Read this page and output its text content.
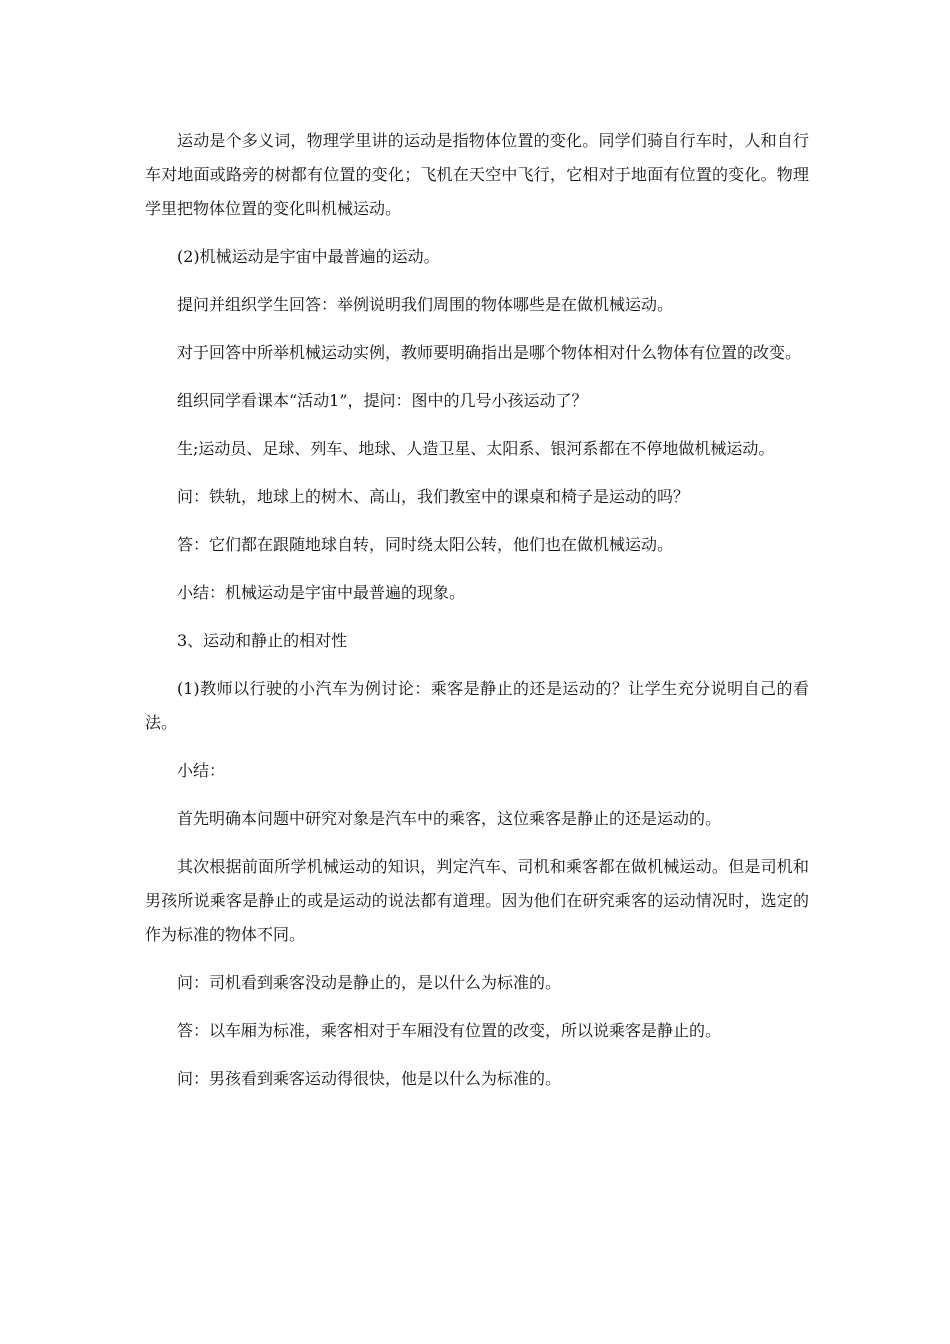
运动是个多义词，物理学里讲的运动是指物体位置的变化。同学们骑自行车时，人和自行车对地面或路旁的树都有位置的变化；飞机在天空中飞行，它相对于地面有位置的变化。物理学里把物体位置的变化叫机械运动。

(2)机械运动是宇宙中最普遍的运动。

提问并组织学生回答：举例说明我们周围的物体哪些是在做机械运动。

对于回答中所举机械运动实例，教师要明确指出是哪个物体相对什么物体有位置的改变。

组织同学看课本“活动1”，提问：图中的几号小孩运动了？

生;运动员、足球、列车、地球、人造卫星、太阳系、银河系都在不停地做机械运动。

问：铁轨，地球上的树木、高山，我们教室中的课桌和椅子是运动的吗？

答：它们都在跟随地球自转，同时绕太阳公转，他们也在做机械运动。

小结：机械运动是宇宙中最普遍的现象。

3、运动和静止的相对性

(1)教师以行驶的小汽车为例讨论：乘客是静止的还是运动的？让学生充分说明自己的看法。

小结：

首先明确本问题中研究对象是汽车中的乘客，这位乘客是静止的还是运动的。

其次根据前面所学机械运动的知识，判定汽车、司机和乘客都在做机械运动。但是司机和男孩所说乘客是静止的或是运动的说法都有道理。因为他们在研究乘客的运动情况时，选定的作为标准的物体不同。

问：司机看到乘客没动是静止的，是以什么为标准的。

答：以车厢为标准，乘客相对于车厢没有位置的改变，所以说乘客是静止的。

问：男孩看到乘客运动得很快，他是以什么为标准的。
